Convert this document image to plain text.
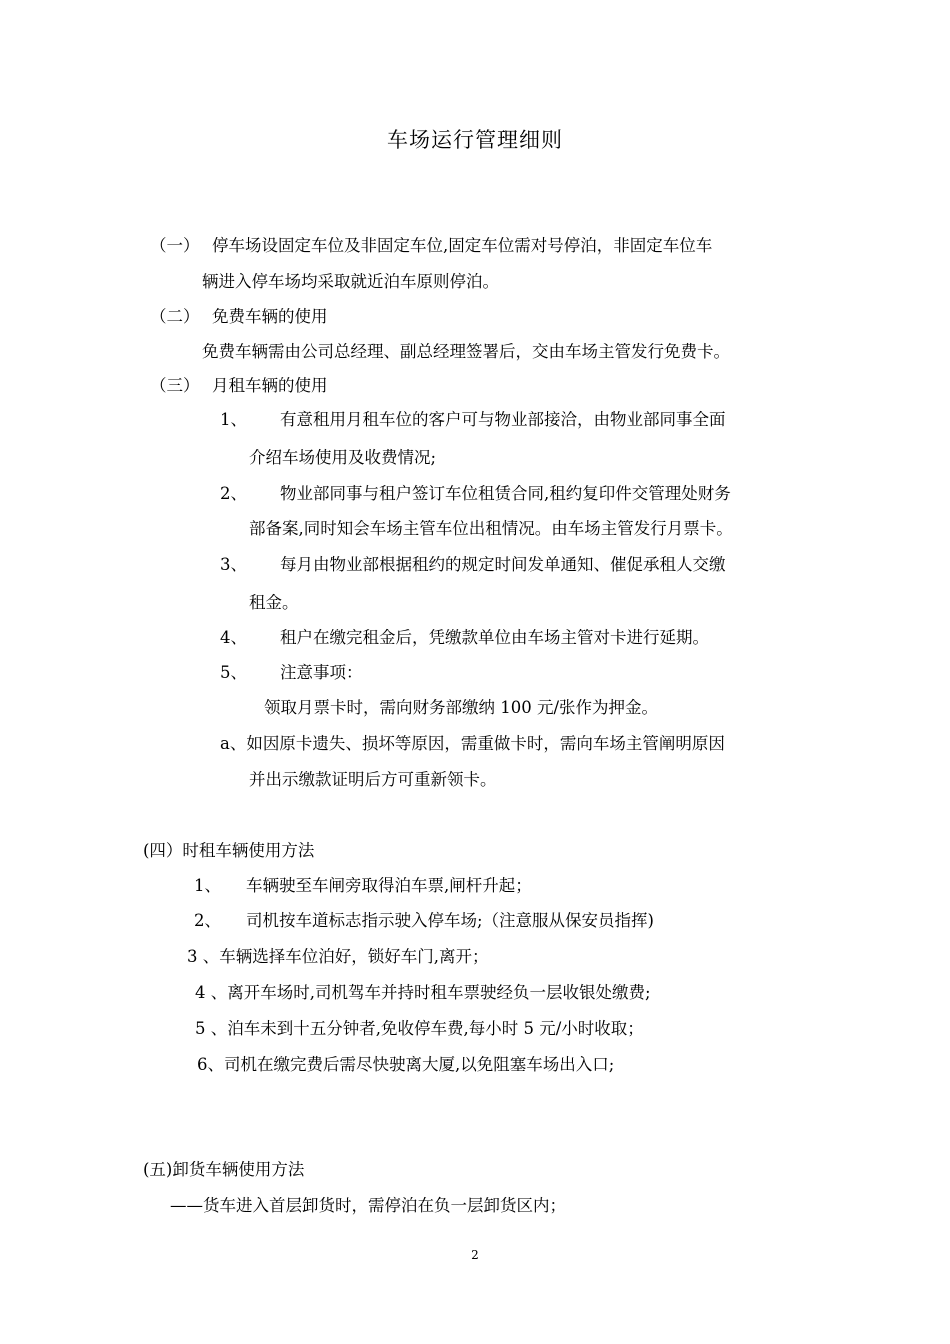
车场运行管理细则
（一） 停车场设固定车位及非固定车位,固定车位需对号停泊，非固定车位车
辆进入停车场均采取就近泊车原则停泊。
（二） 免费车辆的使用
免费车辆需由公司总经理、副总经理签署后，交由车场主管发行免费卡。
（三） 月租车辆的使用
1、 有意租用月租车位的客户可与物业部接洽，由物业部同事全面
介绍车场使用及收费情况;
2、 物业部同事与租户签订车位租赁合同,租约复印件交管理处财务
部备案,同时知会车场主管车位出租情况。由车场主管发行月票卡。
3、 每月由物业部根据租约的规定时间发单通知、催促承租人交缴
租金。
4、 租户在缴完租金后，凭缴款单位由车场主管对卡进行延期。
5、 注意事项：
领取月票卡时，需向财务部缴纳 100 元/张作为押金。
a、如因原卡遗失、损坏等原因，需重做卡时，需向车场主管阐明原因
并出示缴款证明后方可重新领卡。
(四）时租车辆使用方法
1、 车辆驶至车闸旁取得泊车票,闸杆升起；
2、 司机按车道标志指示驶入停车场;（注意服从保安员指挥)
3 、车辆选择车位泊好，锁好车门,离开；
4 、离开车场时,司机驾车并持时租车票驶经负一层收银处缴费;
5 、泊车未到十五分钟者,免收停车费,每小时 5 元/小时收取；
6、司机在缴完费后需尽快驶离大厦,以免阻塞车场出入口;
(五)卸货车辆使用方法
——货车进入首层卸货时，需停泊在负一层卸货区内；
2
